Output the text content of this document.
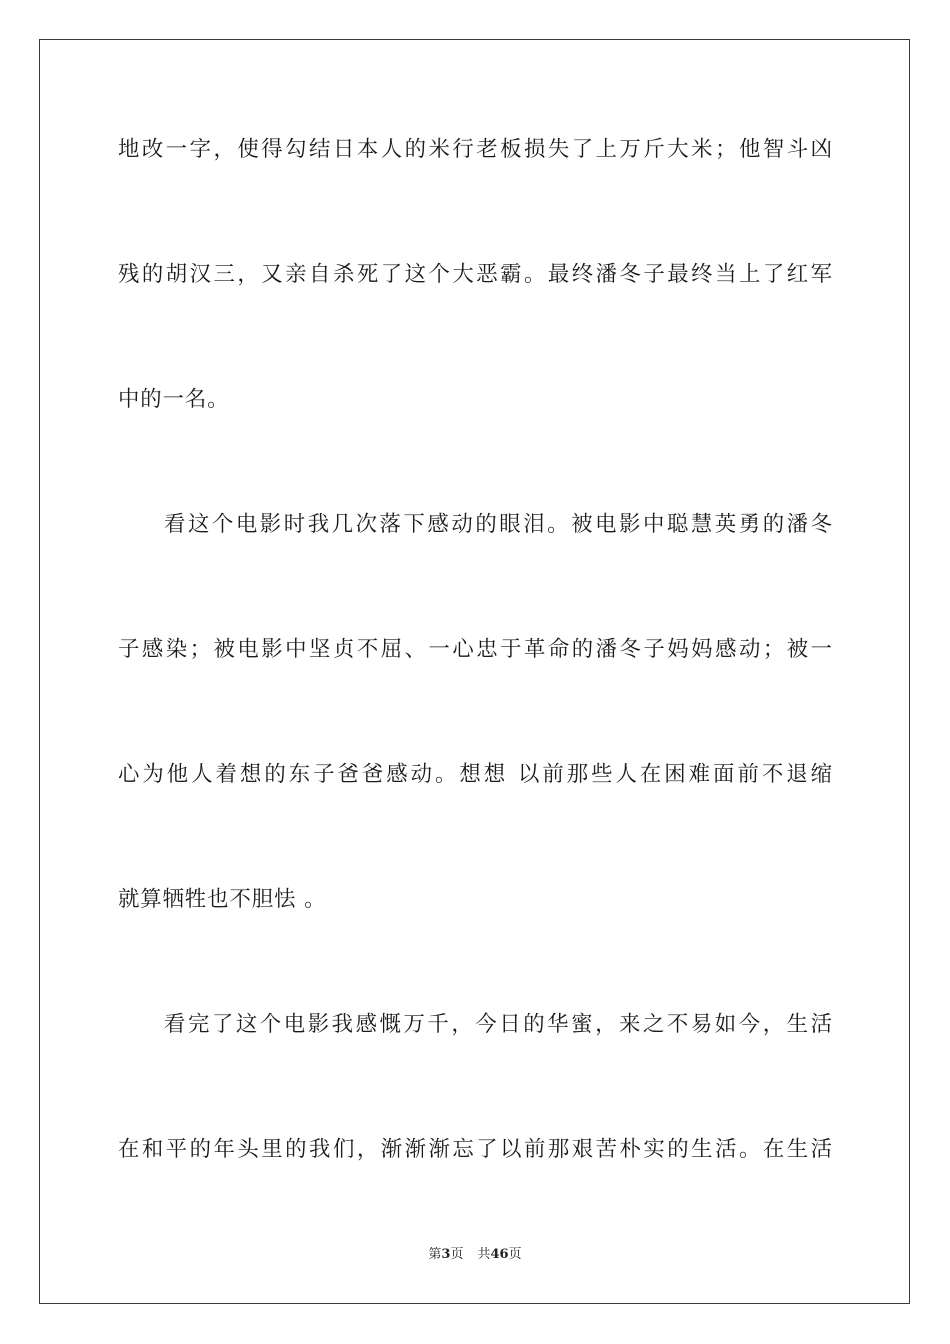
地改一字，使得勾结日本人的米行老板损失了上万斤大米；他智斗凶
残的胡汉三，又亲自杀死了这个大恶霸。最终潘冬子最终当上了红军
中的一名。
看这个电影时我几次落下感动的眼泪。被电影中聪慧英勇的潘冬
子感染；被电影中坚贞不屈、一心忠于革命的潘冬子妈妈感动；被一
心为他人着想的东子爸爸感动。想想 以前那些人在困难面前不退缩
就算牺牲也不胆怯 。
看完了这个电影我感慨万千，今日的华蜜，来之不易如今，生活
在和平的年头里的我们，渐渐渐忘了以前那艰苦朴实的生活。在生活
第3页 共46页
